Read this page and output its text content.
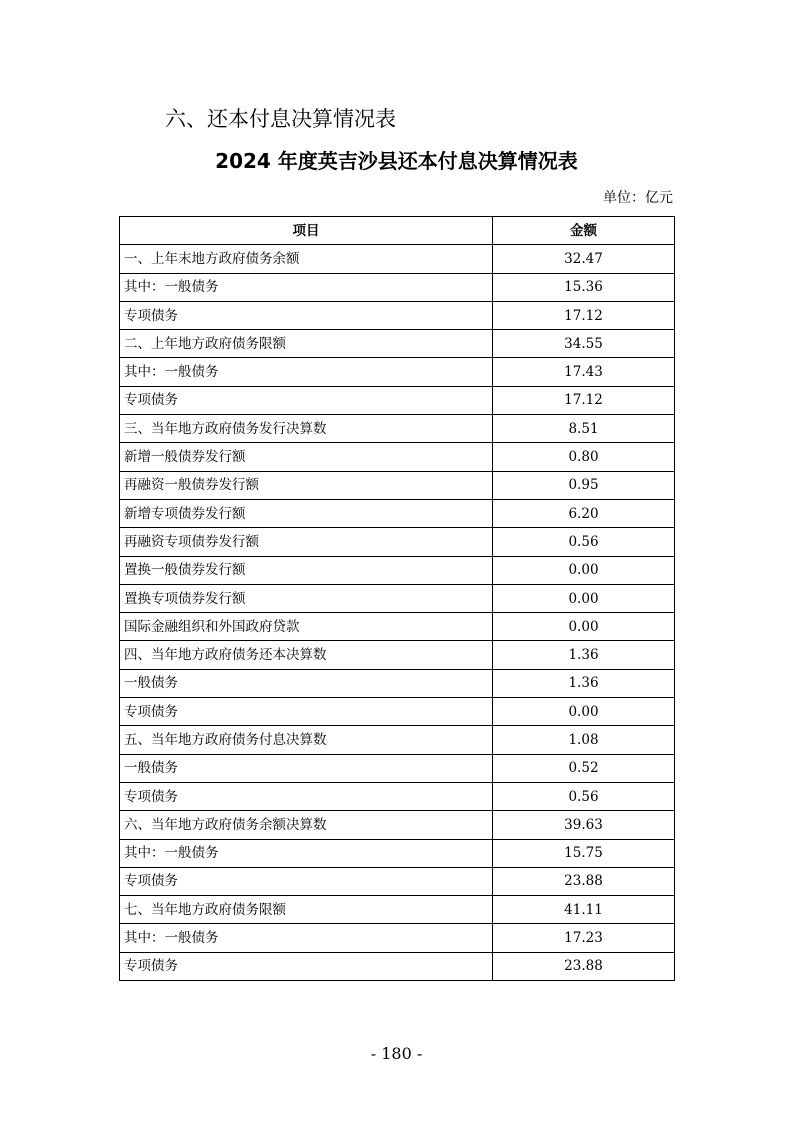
六、还本付息决算情况表
2024 年度英吉沙县还本付息决算情况表
单位：亿元
项目	金额
一、上年末地方政府债务余额	32.47
其中：一般债务	15.36
专项债务	17.12
二、上年地方政府债务限额	34.55
其中：一般债务	17.43
专项债务	17.12
三、当年地方政府债务发行决算数	8.51
新增一般债券发行额	0.80
再融资一般债券发行额	0.95
新增专项债券发行额	6.20
再融资专项债券发行额	0.56
置换一般债券发行额	0.00
置换专项债券发行额	0.00
国际金融组织和外国政府贷款	0.00
四、当年地方政府债务还本决算数	1.36
一般债务	1.36
专项债务	0.00
五、当年地方政府债务付息决算数	1.08
一般债务	0.52
专项债务	0.56
六、当年地方政府债务余额决算数	39.63
其中：一般债务	15.75
专项债务	23.88
七、当年地方政府债务限额	41.11
其中：一般债务	17.23
专项债务	23.88
- 180 -
